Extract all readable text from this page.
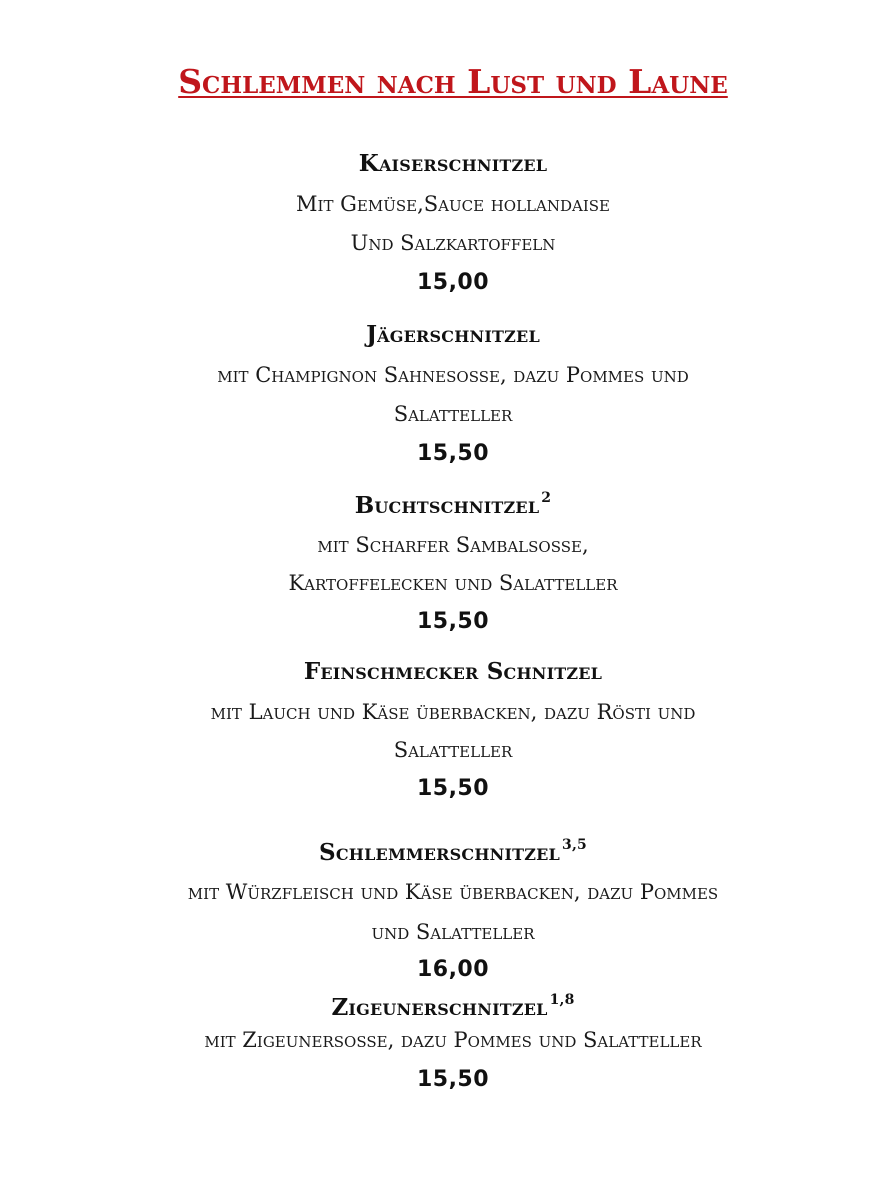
Schlemmen nach Lust und Laune
Kaiserschnitzel
Mit Gemüse,Sauce hollandaise
Und Salzkartoffeln
15,00
Jägerschnitzel
mit Champignon Sahnesosse, dazu Pommes und
Salatteller
15,50
Buchtschnitzel $^2$
mit Scharfer Sambalsosse,
Kartoffelecken und Salatteller
15,50
Feinschmecker Schnitzel
mit Lauch und Käse überbacken, dazu Rösti und
Salatteller
15,50
Schlemmerschnitzel $^{3,5}$
mit Würzfleisch und Käse überbacken, dazu Pommes
und Salatteller
16,00
Zigeunerschnitzel $^{1,8}$
mit Zigeunersosse, dazu Pommes und Salatteller
15,50
